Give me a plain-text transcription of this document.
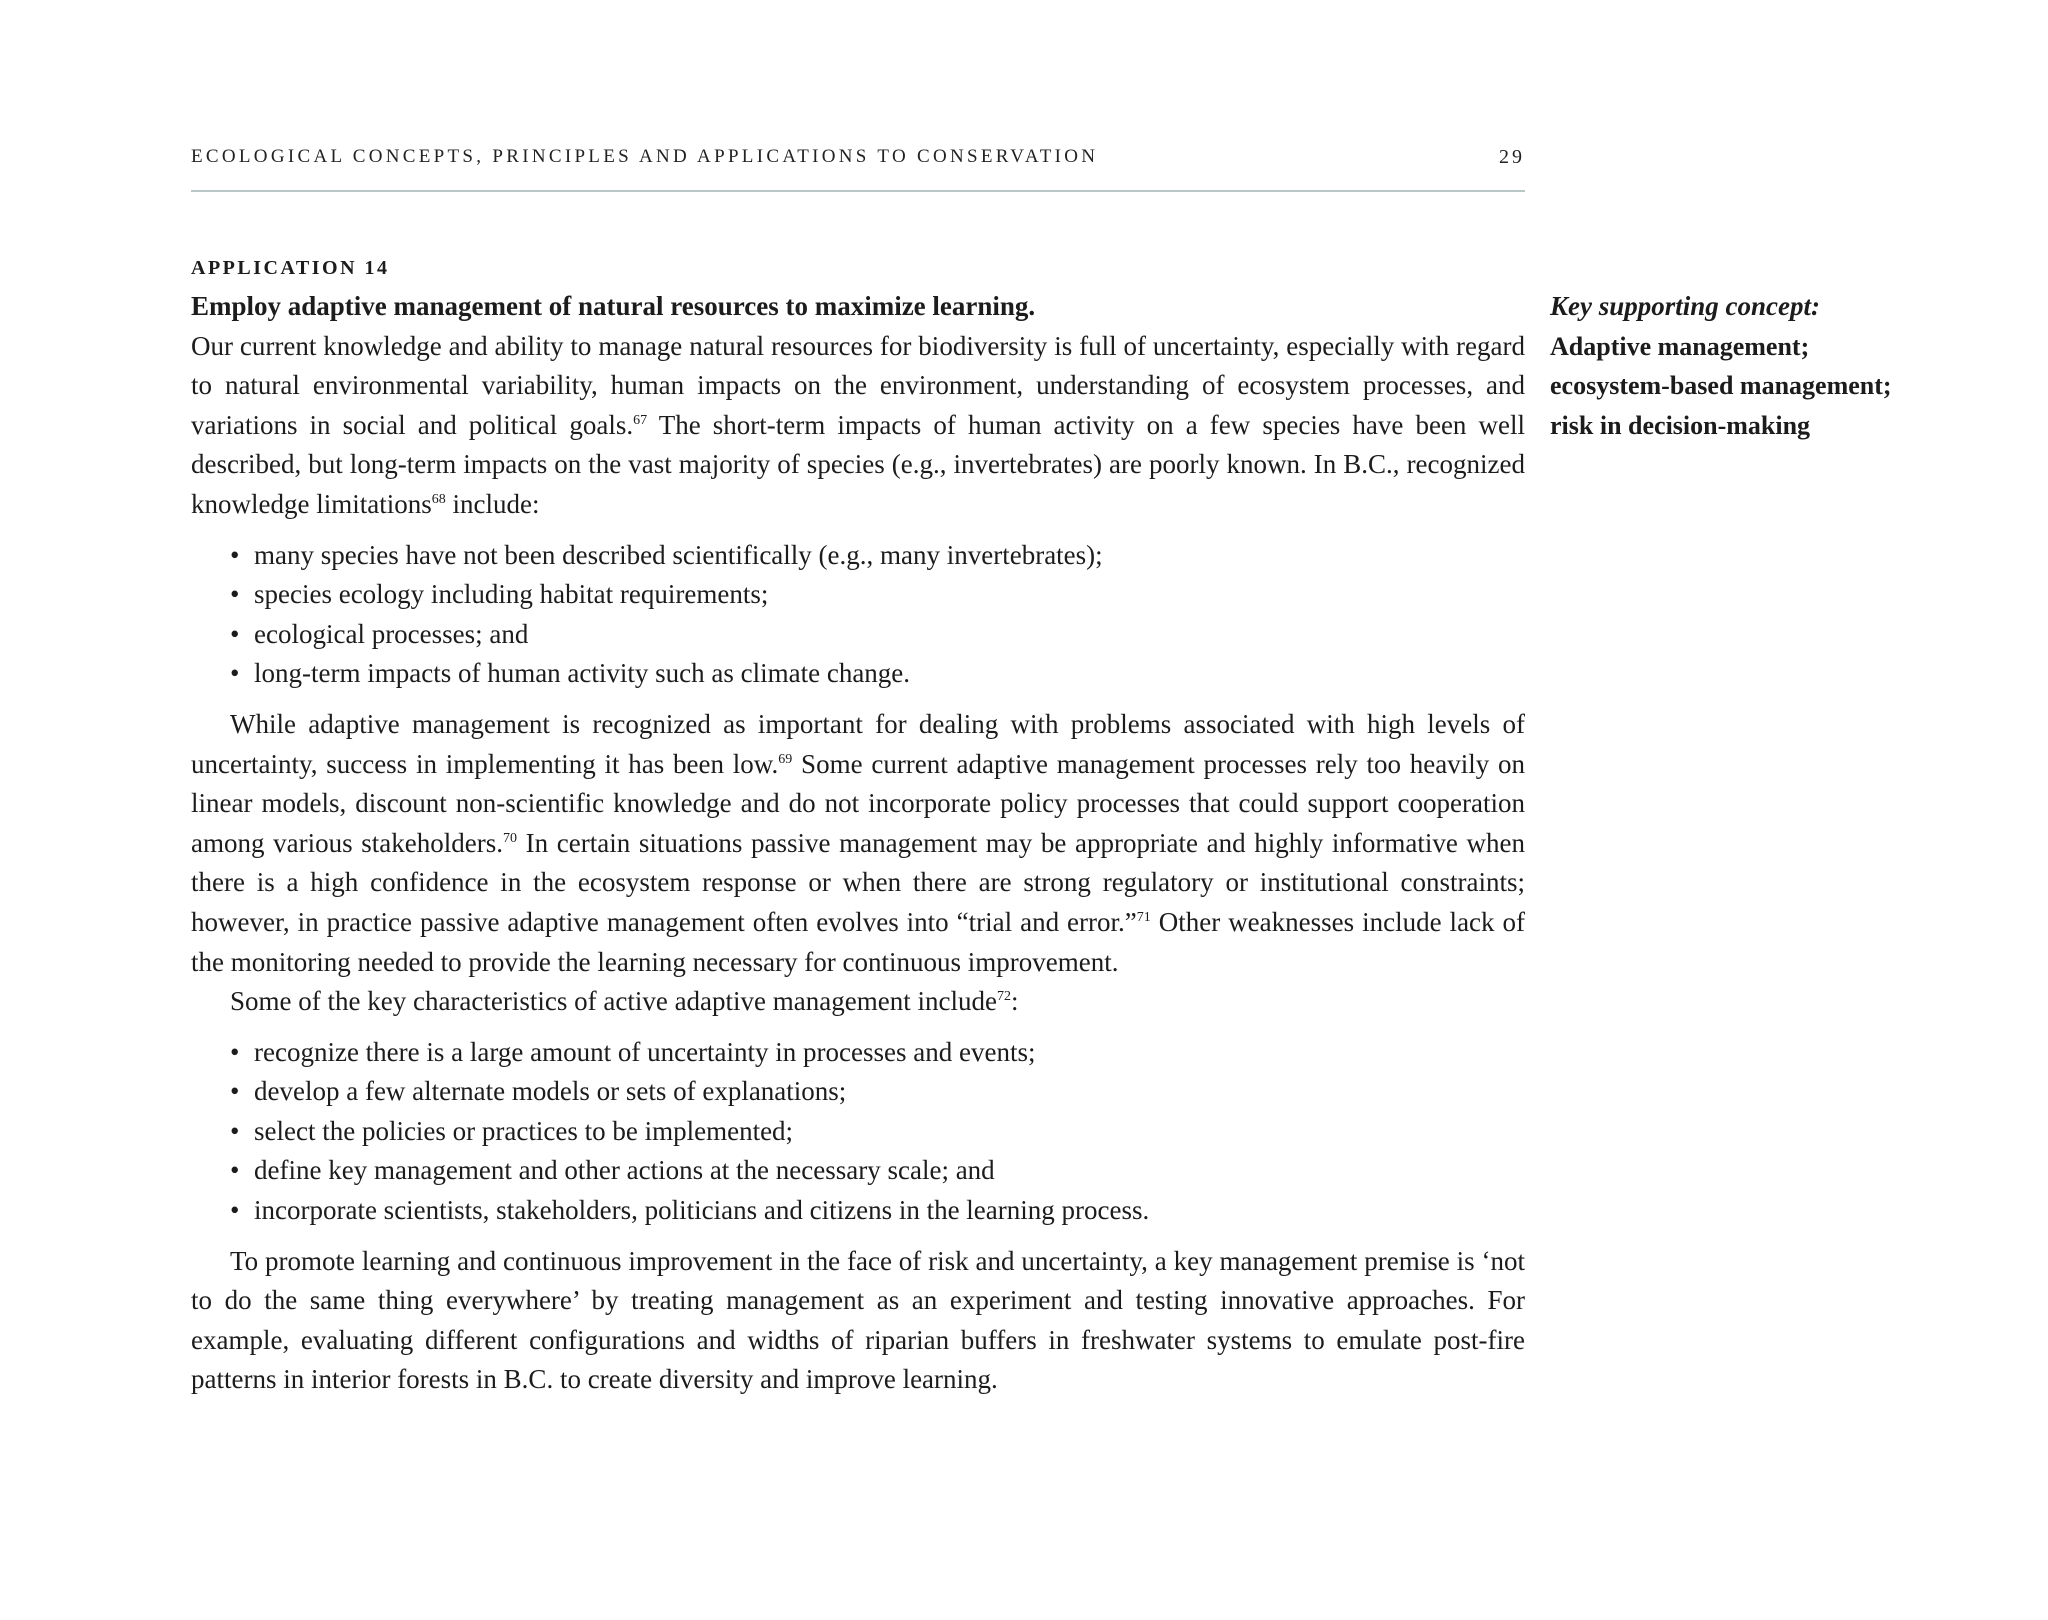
ECOLOGICAL CONCEPTS, PRINCIPLES AND APPLICATIONS TO CONSERVATION	29
APPLICATION 14
Employ adaptive management of natural resources to maximize learning.

Our current knowledge and ability to manage natural resources for biodiversity is full of uncertainty, especially with regard to natural environmental variability, human impacts on the environment, understanding of ecosystem processes, and variations in social and political goals.$^{67}$ The short-term impacts of human activity on a few species have been well described, but long-term impacts on the vast majority of species (e.g., invertebrates) are poorly known. In B.C., recognized knowledge limitations$^{68}$ include:

• many species have not been described scientifically (e.g., many invertebrates);
• species ecology including habitat requirements;
• ecological processes; and
• long-term impacts of human activity such as climate change.

While adaptive management is recognized as important for dealing with problems associated with high levels of uncertainty, success in implementing it has been low.$^{69}$ Some current adaptive management processes rely too heavily on linear models, discount non-scientific knowledge and do not incorporate policy processes that could support cooperation among various stakeholders.$^{70}$ In certain situations passive management may be appropriate and highly informative when there is a high confidence in the ecosystem response or when there are strong regulatory or institutional constraints; however, in practice passive adaptive management often evolves into “trial and error.”$^{71}$ Other weaknesses include lack of the monitoring needed to provide the learning necessary for continuous improvement.

Some of the key characteristics of active adaptive management include$^{72}$:

• recognize there is a large amount of uncertainty in processes and events;
• develop a few alternate models or sets of explanations;
• select the policies or practices to be implemented;
• define key management and other actions at the necessary scale; and
• incorporate scientists, stakeholders, politicians and citizens in the learning process.

To promote learning and continuous improvement in the face of risk and uncertainty, a key management premise is ‘not to do the same thing everywhere’ by treating management as an experiment and testing innovative approaches. For example, evaluating different configurations and widths of riparian buffers in freshwater systems to emulate post-fire patterns in interior forests in B.C. to create diversity and improve learning.

Key supporting concept:
Adaptive management;
ecosystem-based management;
risk in decision-making
